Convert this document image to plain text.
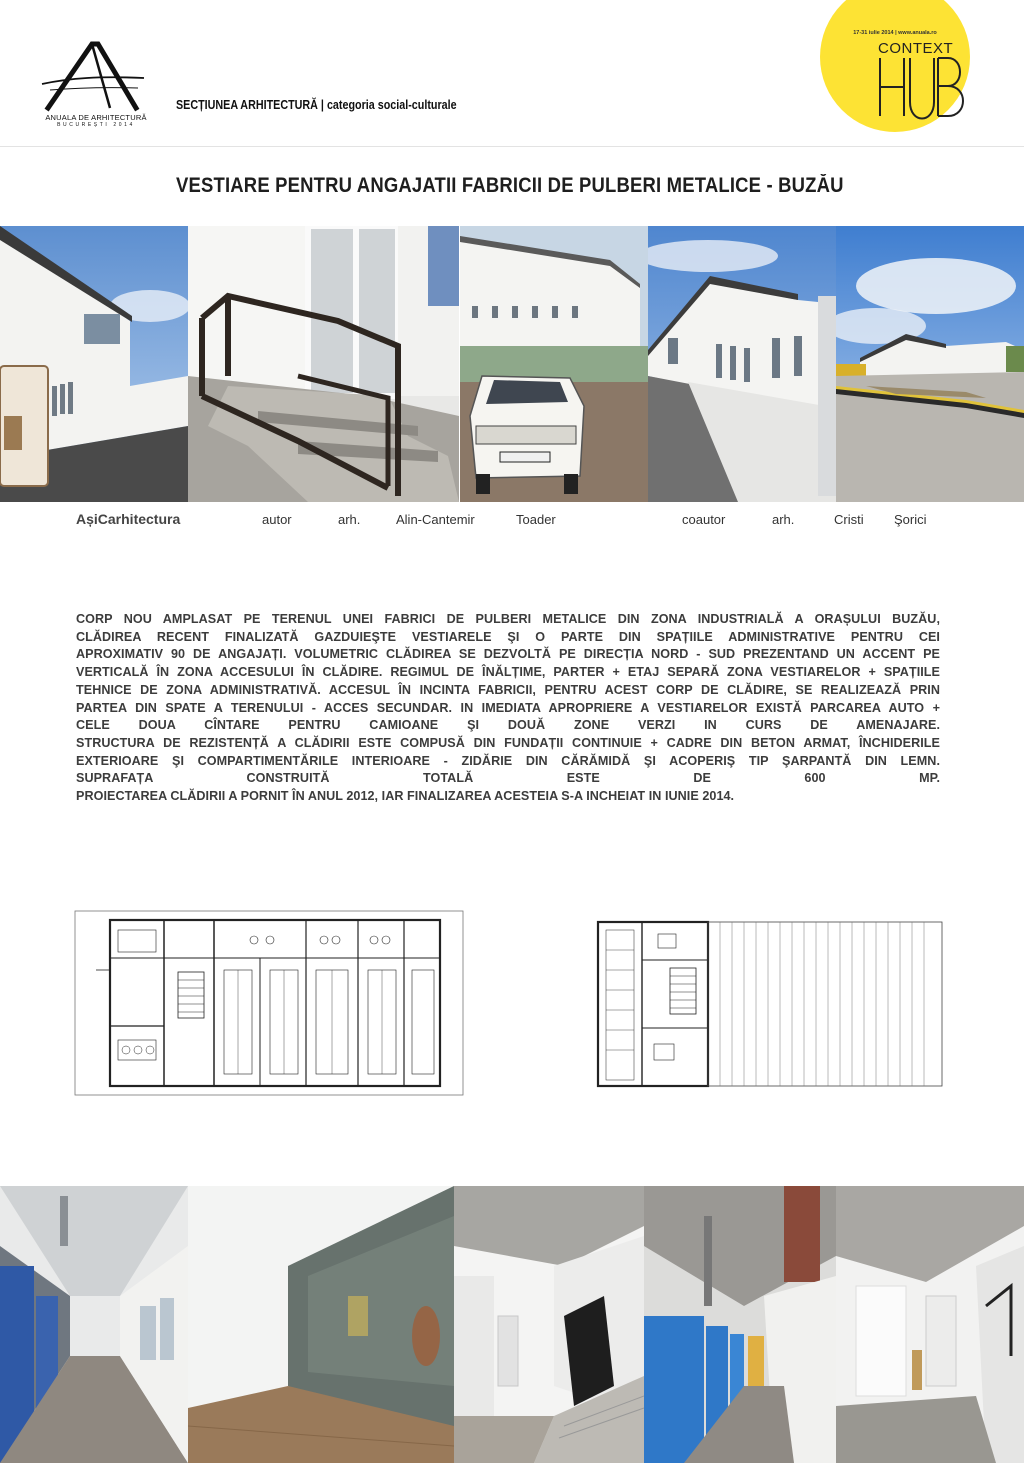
ANUALA DE ARHITECTURĂ
BUCUREȘTI 2014
SECȚIUNEA ARHITECTURĂ | categoria social-culturale
17-31 iulie 2014 | www.anuala.ro
CONTEXT
VESTIARE PENTRU ANGAJATII FABRICII DE PULBERI METALICE - BUZĂU
AșiCarhitectura	autor	arh.	Alin-Cantemir	Toader	coautor	arh.	Cristi Şorici

CORP NOU AMPLASAT PE TERENUL UNEI FABRICI DE PULBERI METALICE DIN ZONA INDUSTRIALĂ A ORAȘULUI BUZĂU,

CLĂDIREA RECENT FINALIZATĂ GAZDUIEŞTE VESTIARELE ŞI O PARTE DIN SPAȚIILE ADMINISTRATIVE PENTRU CEI

APROXIMATIV 90 DE ANGAJAȚI. VOLUMETRIC CLĂDIREA SE DEZVOLTĂ PE DIRECȚIA NORD - SUD PREZENTAND UN ACCENT PE

VERTICALĂ ÎN ZONA ACCESULUI ÎN CLĂDIRE. REGIMUL DE ÎNĂLȚIME, PARTER + ETAJ SEPARĂ ZONA VESTIARELOR + SPAȚIILE

TEHNICE DE ZONA ADMINISTRATIVĂ. ACCESUL ÎN INCINTA FABRICII, PENTRU ACEST CORP DE CLĂDIRE, SE REALIZEAZĂ PRIN

PARTEA DIN SPATE A TERENULUI - ACCES SECUNDAR. IN IMEDIATA APROPRIERE A VESTIARELOR EXISTĂ PARCAREA AUTO +

CELE DOUA CÎNTARE PENTRU CAMIOANE ŞI DOUĂ ZONE VERZI IN CURS DE AMENAJARE.

STRUCTURA DE REZISTENȚĂ A CLĂDIRII ESTE COMPUSĂ DIN FUNDAȚII CONTINUIE + CADRE DIN BETON ARMAT, ÎNCHIDERILE

EXTERIOARE ŞI COMPARTIMENTĂRILE INTERIOARE - ZIDĂRIE DIN CĂRĂMIDĂ ŞI ACOPERIŞ TIP ŞARPANTĂ DIN LEMN.

SUPRAFAȚA CONSTRUITĂ TOTALĂ ESTE DE 600 MP.

PROIECTAREA CLĂDIRII A PORNIT ÎN ANUL 2012, IAR FINALIZAREA ACESTEIA S-A INCHEIAT IN IUNIE 2014.
